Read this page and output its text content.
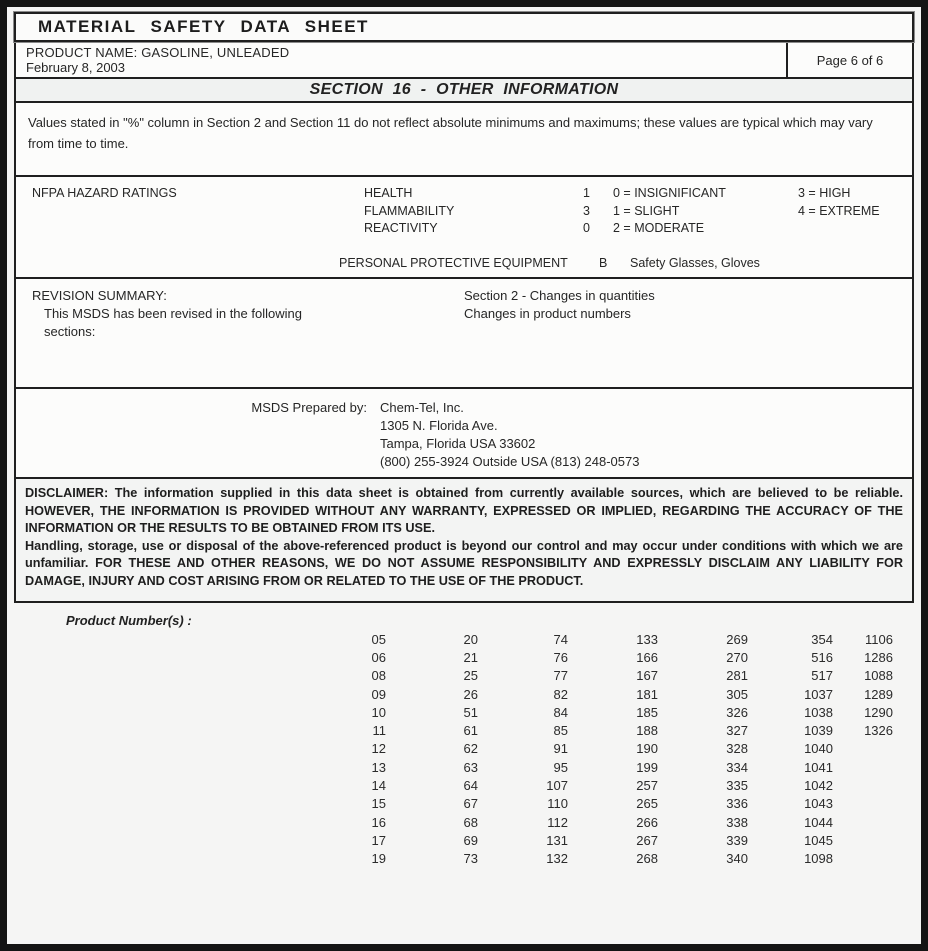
MATERIAL SAFETY DATA SHEET
PRODUCT NAME: GASOLINE, UNLEADED
February 8, 2003	Page 6 of 6
SECTION 16 - OTHER INFORMATION
Values stated in "%" column in Section 2 and Section 11 do not reflect absolute minimums and maximums; these values are typical which may vary from time to time.
NFPA HAZARD RATINGS	HEALTH	1	0 = INSIGNIFICANT	3 = HIGH
FLAMMABILITY	3	1 = SLIGHT	4 = EXTREME
REACTIVITY	0	2 = MODERATE
PERSONAL PROTECTIVE EQUIPMENT	B	Safety Glasses, Gloves
REVISION SUMMARY:
This MSDS has been revised in the following
sections:
Section 2 - Changes in quantities
Changes in product numbers
MSDS Prepared by: Chem-Tel, Inc.
1305 N. Florida Ave.
Tampa, Florida USA 33602
(800) 255-3924 Outside USA (813) 248-0573

DISCLAIMER: The information supplied in this data sheet is obtained from currently available sources, which are believed to be reliable. HOWEVER, THE INFORMATION IS PROVIDED WITHOUT ANY WARRANTY, EXPRESSED OR IMPLIED, REGARDING THE ACCURACY OF THE INFORMATION OR THE RESULTS TO BE OBTAINED FROM ITS USE.

Handling, storage, use or disposal of the above-referenced product is beyond our control and may occur under conditions with which we are unfamiliar. FOR THESE AND OTHER REASONS, WE DO NOT ASSUME RESPONSIBILITY AND EXPRESSLY DISCLAIM ANY LIABILITY FOR DAMAGE, INJURY AND COST ARISING FROM OR RELATED TO THE USE OF THE PRODUCT.

Product Number(s) :
05	20	74	133	269	354	1106
06	21	76	166	270	516	1286
08	25	77	167	281	517	1088
09	26	82	181	305	1037	1289
10	51	84	185	326	1038	1290
11	61	85	188	327	1039	1326
12	62	91	190	328	1040	
13	63	95	199	334	1041	
14	64	107	257	335	1042	
15	67	110	265	336	1043	
16	68	112	266	338	1044	
17	69	131	267	339	1045	
19	73	132	268	340	1098	
